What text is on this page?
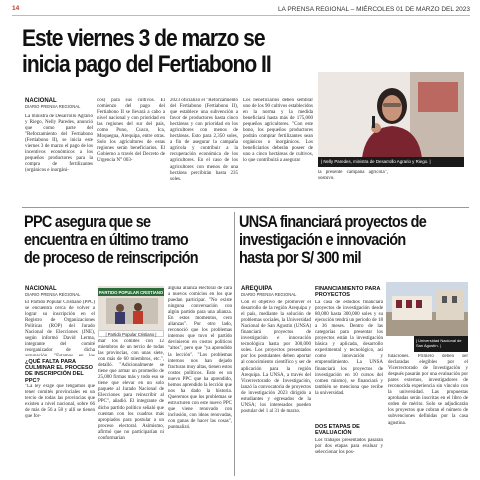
14	LA PRENSA REGIONAL – MIÉRCOLES 01 DE MARZO DEL 2023
Este viernes 3 de marzo se inicia pago del Fertiabono II
NACIONAL
DIARIO PRENSA REGIONAL

La ministra de Desarrollo Agrario y Riego, Nelly Paredes, anunció que como parte del "Reforzamiento del Fertiabono (Fertiabono II), se inicia este viernes 3 de marzo el pago de los incentivos económicos a los pequeños productores para la compra de fertilizantes (orgánicos e inorgáni-

cos) para sus cultivos. El comienzo del pago del Fertiabono II se llevará a cabo a nivel nacional y con prioridad en las regiones del sur del país, como Puno, Cusco, Ica, Moquegua, Arequipa, entre otras. Solo los agricultores de estas regiones serán beneficiarios. El Gobierno a través del Decreto de Urgencia N° 003-

2023 oficializó el "Reforzamiento del Fertiabono (Fertiabono II), que establece una subvención a favor de productores hasta cinco hectáreas y con prioridad en los agricultores con menos de hectáreas. Esto para 2,350 soles, a fin de asegurar la campaña agrícola y contribuir a la recuperación económica de los agricultores. En el caso de los agricultores con menos de una hectárea percibirán hasta 235 soles.

Los beneficiarios deben sembrar uno de los 90 cultivos establecidos en la norma y la medida beneficiará hasta más de 175,000 pequeños agricultores. "Con este bono, los pequeños productores podrán comprar fertilizantes sean orgánicos o inorgánicos. Los beneficiarios deberán poseer de uno a cinco hectáreas de cultivos, lo que contribuirá a asegurar	| Nelly Paredes, ministra de Desarrollo Agrario y Riego. |

la presente campaña agrícola", sostuvo.

PPC asegura que se encuentra en último tramo de proceso de reinscripción
NACIONAL
DIARIO PRENSA REGIONAL

El Partido Popular Cristiano (PPC) se encuentra cerca de volver a lograr su inscripción en el Registro de Organizaciones Políticas (ROP) del Jurado Nacional de Elecciones (JNE), según informó David Lerma, integrante del comité reorganizador de dicha

¿QUÉ FALTA PARA CULMINAR EL PROCESO DE INSCRIPCIÓN DEL PPC?

"La ley exige que tengamos que tener comités provinciales en un tercio de todas las provincias que existen a nivel nacional, sobre 66 de más de 56 a 58 y allí se tienen que for-

PARTIDO POPULAR CRISTIANO
| Partido Popular Cristiano |

mar los comités con 12 miembros de un tercio de todas las provincias, con unas siete, con más de 60 miembros, etc.", detalló. "Adicionalmente se tiene que armar un promedio de 25,000 firmas más y todo eso se tiene que elevar en un solo paquete al Jurado Nacional de Elecciones para reinscribir al PPC", añadió. El integrante de dicho partido político señaló que cuentan con los cuadros más apropiados para postular a un proceso electoral. Asimismo, afirmó que no participarían ni conformarían

alguna alianza electoral de cara a nuevos comicios en los que puedan participar. "No existe ninguna conversación con algún partido para una alianza. En estos momentos, cero alianzas". Por otro lado, reconoció que los problemas internos que tuvo el partido devinieron en costos políticos "altos", pero que "ya aprendido la lección". "Los problemas internos nos han dejado fracturas muy altas, tienen estos costos políticos. Esto es un nuevo PPC que ha aprendido, hemos aprendido la lección que nos ha dado la historia. Queremos que los problemas se estructuren con este nuevo PPC que viene renovado con inclusión, con ideas renovadas, con ganas de hacer las cosas", puntualizó.

UNSA financiará proyectos de investigación e innovación hasta por S/ 300 mil
AREQUIPA
DIARIO PRENSA REGIONAL

Con el objetivo de promover el desarrollo de la región Arequipa y el país, mediante la solución de problemas sociales, la Universidad Nacional de San Agustín (UNSA) financiará proyectos de investigación e innovación tecnológica hasta por 300,000 soles. Los proyectos presentados por los postulantes deben aportar al conocimiento científico y ser de aplicación para la región Arequipa. La UNSA, a través del Vicerrectorado de Investigación, lanzó la convocatoria de proyectos de investigación 2023 dirigido a estudiantes y egresados de la UNSA; los interesados pueden postular del 1 al 31 de marzo.

FINANCIAMIENTO PARA PROYECTOS

La casa de estudios financiará proyectos de investigación desde 80,000 hasta 300,000 soles y su ejecución tendrá un periodo de 18 a 36 meses. Dentro de las categorías para presentar los proyectos están la investigación básica y aplicada, desarrollo experimental y tecnológico, así como innovación y emprendimiento. La UNSA financiará los proyectos de investigación en 10 cursos del comen mismo), se financiará y también se menciona que recibe la universidad.

DOS ETAPAS DE EVALUACIÓN

Los trabajos presentados pasarán por dos etapas para evaluar y seleccionar los pos-

| Universidad Nacional de San Agustín. |

tulaciones. Primero deben ser declaradas elegibles por el Vicerrectorado de Investigación y después pasarán por una evaluación por pares externos, investigadores de reconocida experiencia sin vínculo con la universidad. Las propuestas aprobadas serán inscritas en el libro de orden de mérito. Solo se adjudicarán los proyectos que cobran el número de subvenciones definidas por la casa agustina.
